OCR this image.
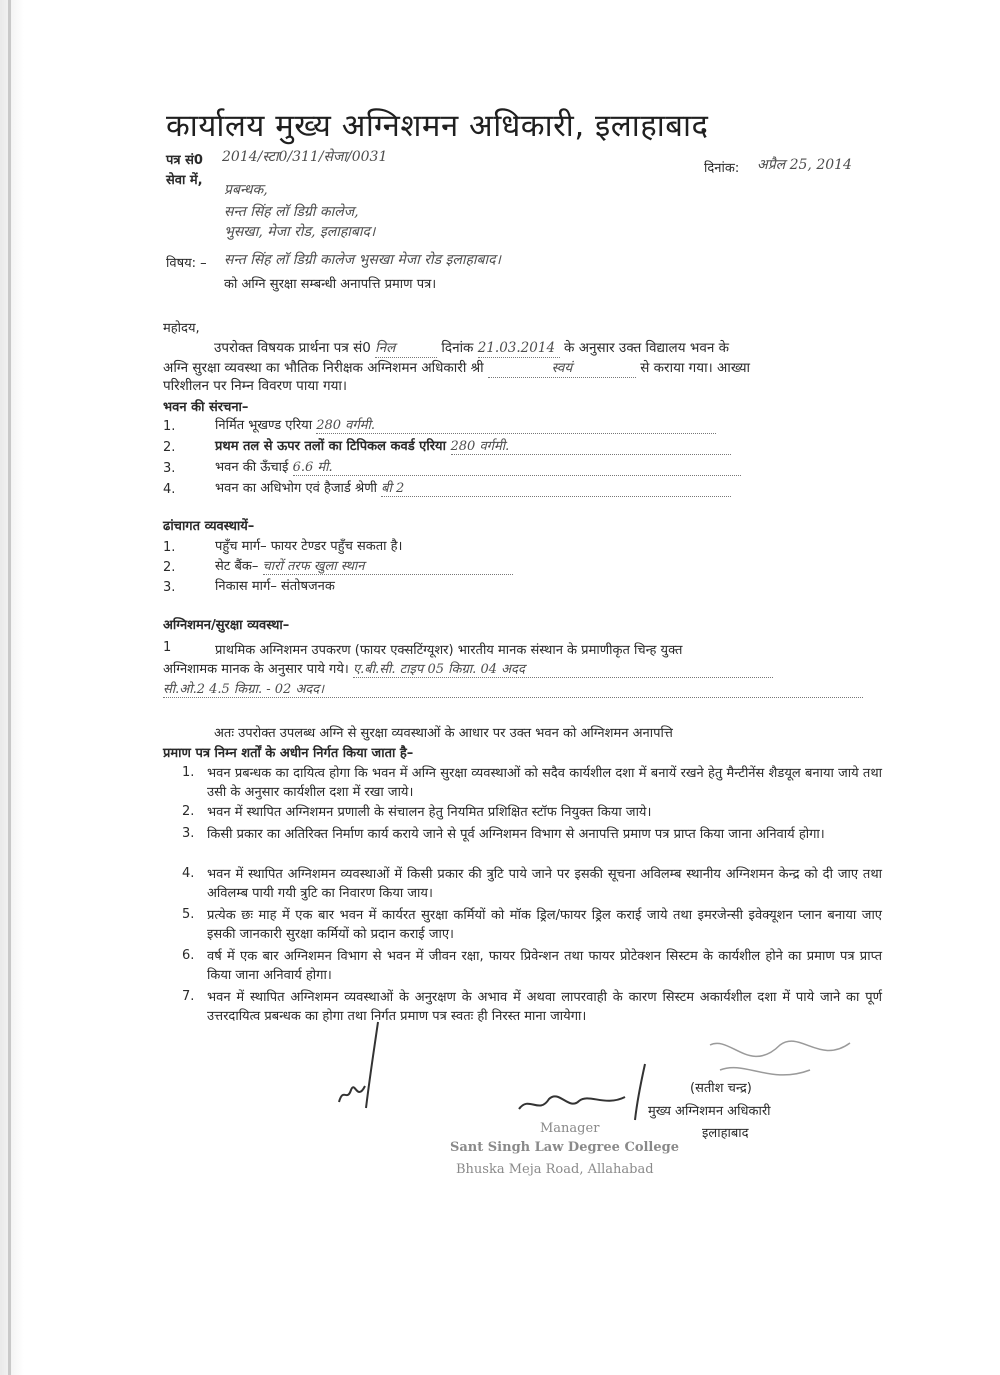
कार्यालय मुख्य अग्निशमन अधिकारी, इलाहाबाद
पत्र सं0 2014/स्टा0/311/सेजा/0031
दिनांक: अप्रैल 25, 2014
सेवा में,
प्रबन्धक,
सन्त सिंह लॉ डिग्री कालेज,
भुसखा, मेजा रोड, इलाहाबाद।
विषय: – सन्त सिंह लॉ डिग्री कालेज भुसखा मेजा रोड इलाहाबाद।
को अग्नि सुरक्षा सम्बन्धी अनापत्ति प्रमाण पत्र।
महोदय,
उपरोक्त विषयक प्रार्थना पत्र सं0 निल	दिनांक 21.03.2014 के अनुसार उक्त विद्यालय भवन के
अग्नि सुरक्षा व्यवस्था का भौतिक निरीक्षक अग्निशमन अधिकारी श्री	स्वयं	से कराया गया। आख्या
परिशीलन पर निम्न विवरण पाया गया।
भवन की संरचना–
1.	निर्मित भूखण्ड एरिया 280 वर्गमी.
2.	प्रथम तल से ऊपर तलों का टिपिकल कवर्ड एरिया 280 वर्गमी.
3.	भवन की ऊँचाई 6.6 मी.
4.	भवन का अधिभोग एवं हैजार्ड श्रेणी बी 2
ढांचागत व्यवस्थायें–
1.	पहुँच मार्ग– फायर टेण्डर पहुँच सकता है।
2.	सेट बैंक– चारों तरफ खुला स्थान
3.	निकास मार्ग– संतोषजनक
अग्निशमन/सुरक्षा व्यवस्था–
1	प्राथमिक अग्निशमन उपकरण (फायर एक्सटिंग्यूशर) भारतीय मानक संस्थान के प्रमाणीकृत चिन्ह युक्त
अग्निशामक मानक के अनुसार पाये गये। ए.बी.सी. टाइप 05 किग्रा. 04 अदद
सी.ओ.2 4.5 किग्रा. - 02 अदद।
अतः उपरोक्त उपलब्ध अग्नि से सुरक्षा व्यवस्थाओं के आधार पर उक्त भवन को अग्निशमन अनापत्ति
प्रमाण पत्र निम्न शर्तों के अधीन निर्गत किया जाता है–
1. भवन प्रबन्धक का दायित्व होगा कि भवन में अग्नि सुरक्षा व्यवस्थाओं को सदैव कार्यशील दशा में बनायें रखने हेतु मैन्टीनेंस शैडयूल बनाया जाये तथा उसी के अनुसार कार्यशील दशा में रखा जाये।
2. भवन में स्थापित अग्निशमन प्रणाली के संचालन हेतु नियमित प्रशिक्षित स्टॉफ नियुक्त किया जाये।
3. किसी प्रकार का अतिरिक्त निर्माण कार्य कराये जाने से पूर्व अग्निशमन विभाग से अनापत्ति प्रमाण पत्र प्राप्त किया जाना अनिवार्य होगा।
4. भवन में स्थापित अग्निशमन व्यवस्थाओं में किसी प्रकार की त्रुटि पाये जाने पर इसकी सूचना अविलम्ब स्थानीय अग्निशमन केन्द्र को दी जाए तथा अविलम्ब पायी गयी त्रुटि का निवारण किया जाय।
5. प्रत्येक छः माह में एक बार भवन में कार्यरत सुरक्षा कर्मियों को मॉक ड्रिल/फायर ड्रिल कराई जाये तथा इमरजेन्सी इवेक्यूशन प्लान बनाया जाए इसकी जानकारी सुरक्षा कर्मियों को प्रदान कराई जाए।
6. वर्ष में एक बार अग्निशमन विभाग से भवन में जीवन रक्षा, फायर प्रिवेन्शन तथा फायर प्रोटेक्शन सिस्टम के कार्यशील होने का प्रमाण पत्र प्राप्त किया जाना अनिवार्य होगा।
7. भवन में स्थापित अग्निशमन व्यवस्थाओं के अनुरक्षण के अभाव में अथवा लापरवाही के कारण सिस्टम अकार्यशील दशा में पाये जाने का पूर्ण उत्तरदायित्व प्रबन्धक का होगा तथा निर्गत प्रमाण पत्र स्वतः ही निरस्त माना जायेगा।
(सतीश चन्द्र)
मुख्य अग्निशमन अधिकारी
इलाहाबाद
Manager
Sant Singh Law Degree College
Bhuska Meja Road, Allahabad
